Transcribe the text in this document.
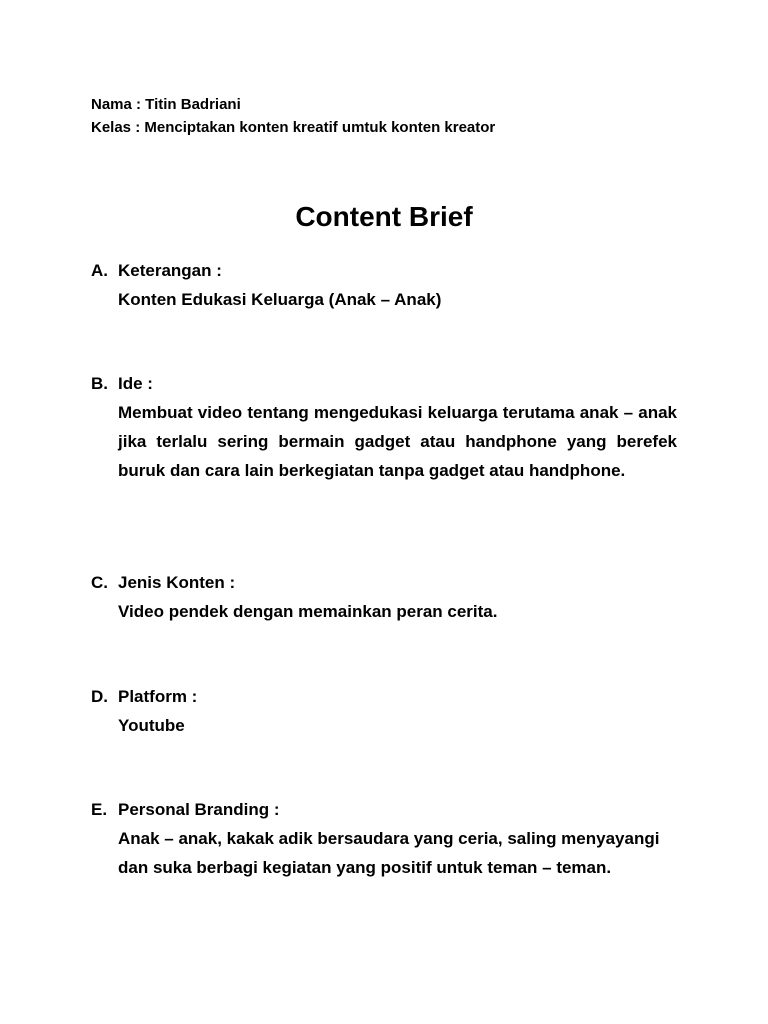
Nama : Titin Badriani
Kelas : Menciptakan konten kreatif umtuk konten kreator
Content Brief
A. Keterangan :
Konten Edukasi Keluarga (Anak – Anak)
B. Ide :
Membuat video tentang mengedukasi keluarga terutama anak – anak jika terlalu sering bermain gadget atau handphone yang berefek buruk dan cara lain berkegiatan tanpa gadget atau handphone.
C. Jenis Konten :
Video pendek dengan memainkan peran cerita.
D. Platform :
Youtube
E. Personal Branding :
Anak – anak, kakak adik bersaudara yang ceria, saling menyayangi dan suka berbagi kegiatan yang positif untuk teman – teman.
